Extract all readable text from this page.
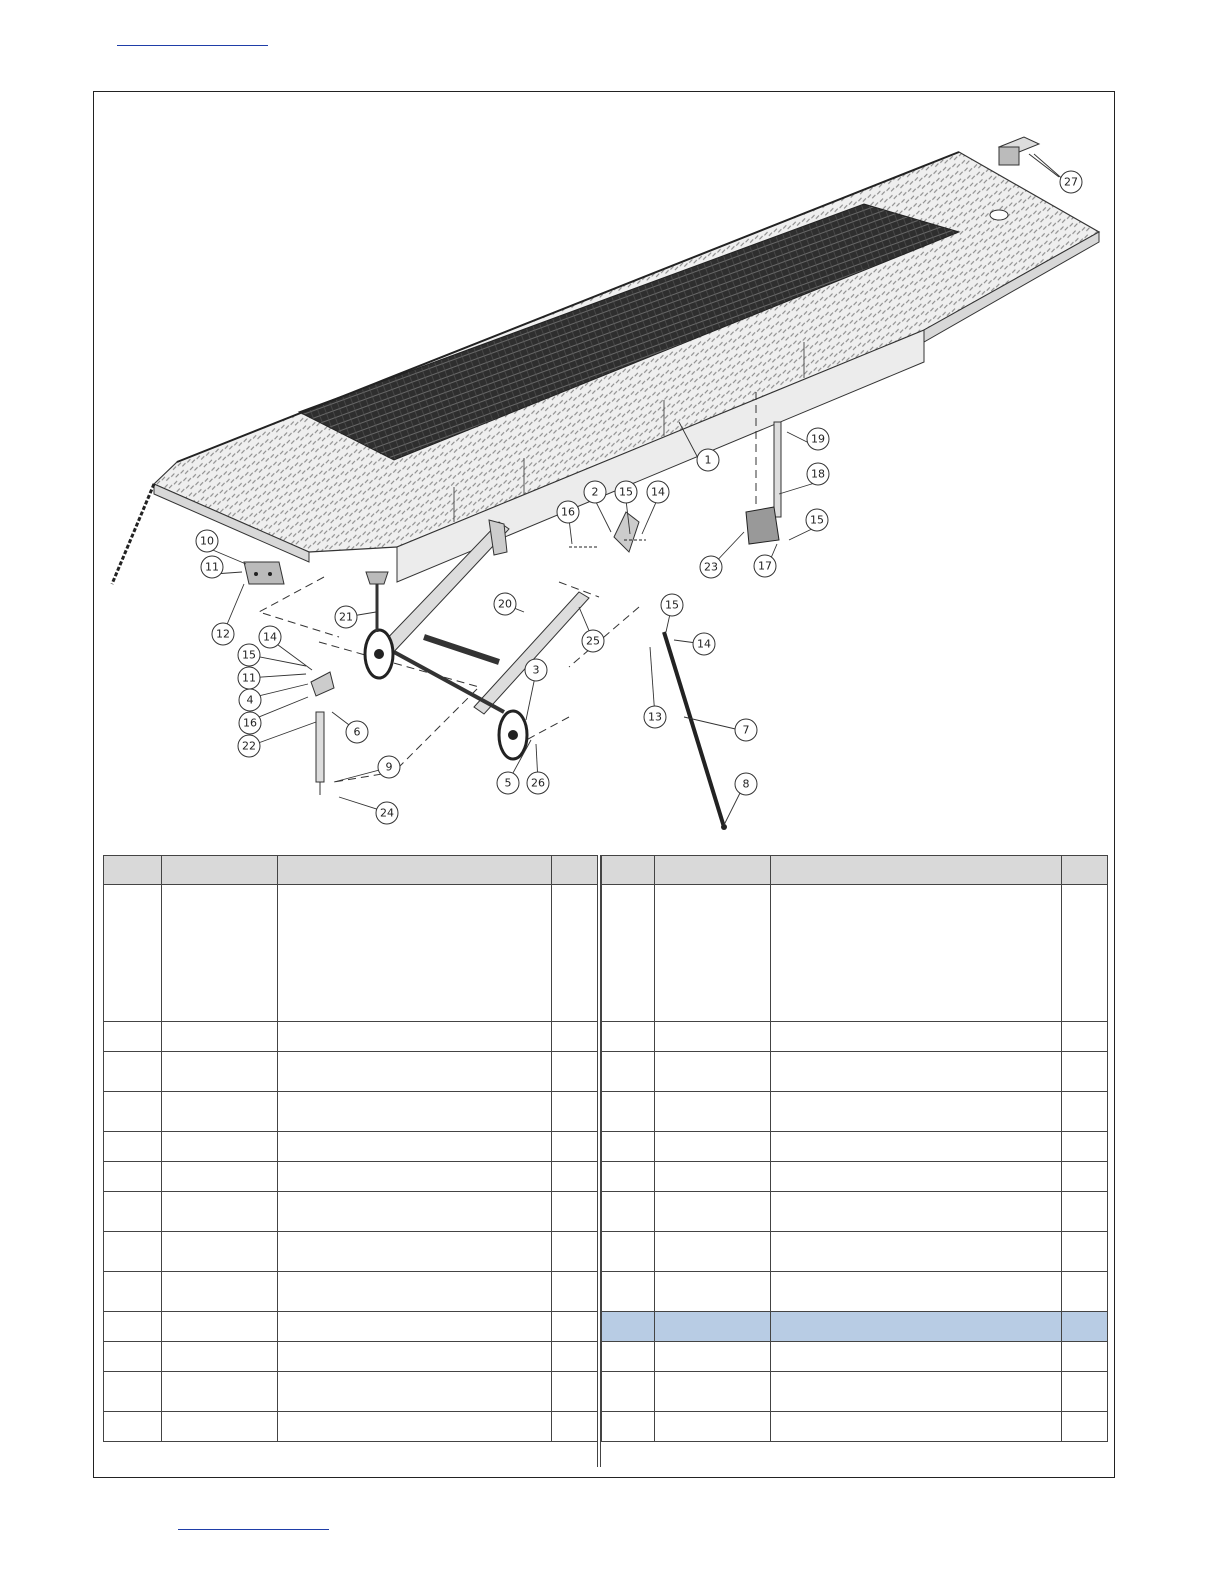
1
2
3
4
5
6	7
8
9
10
11
11
12
13
14
14
14
15
15
15
15
16
16
17
18
19
20
21
22
23
24
25
26
27
